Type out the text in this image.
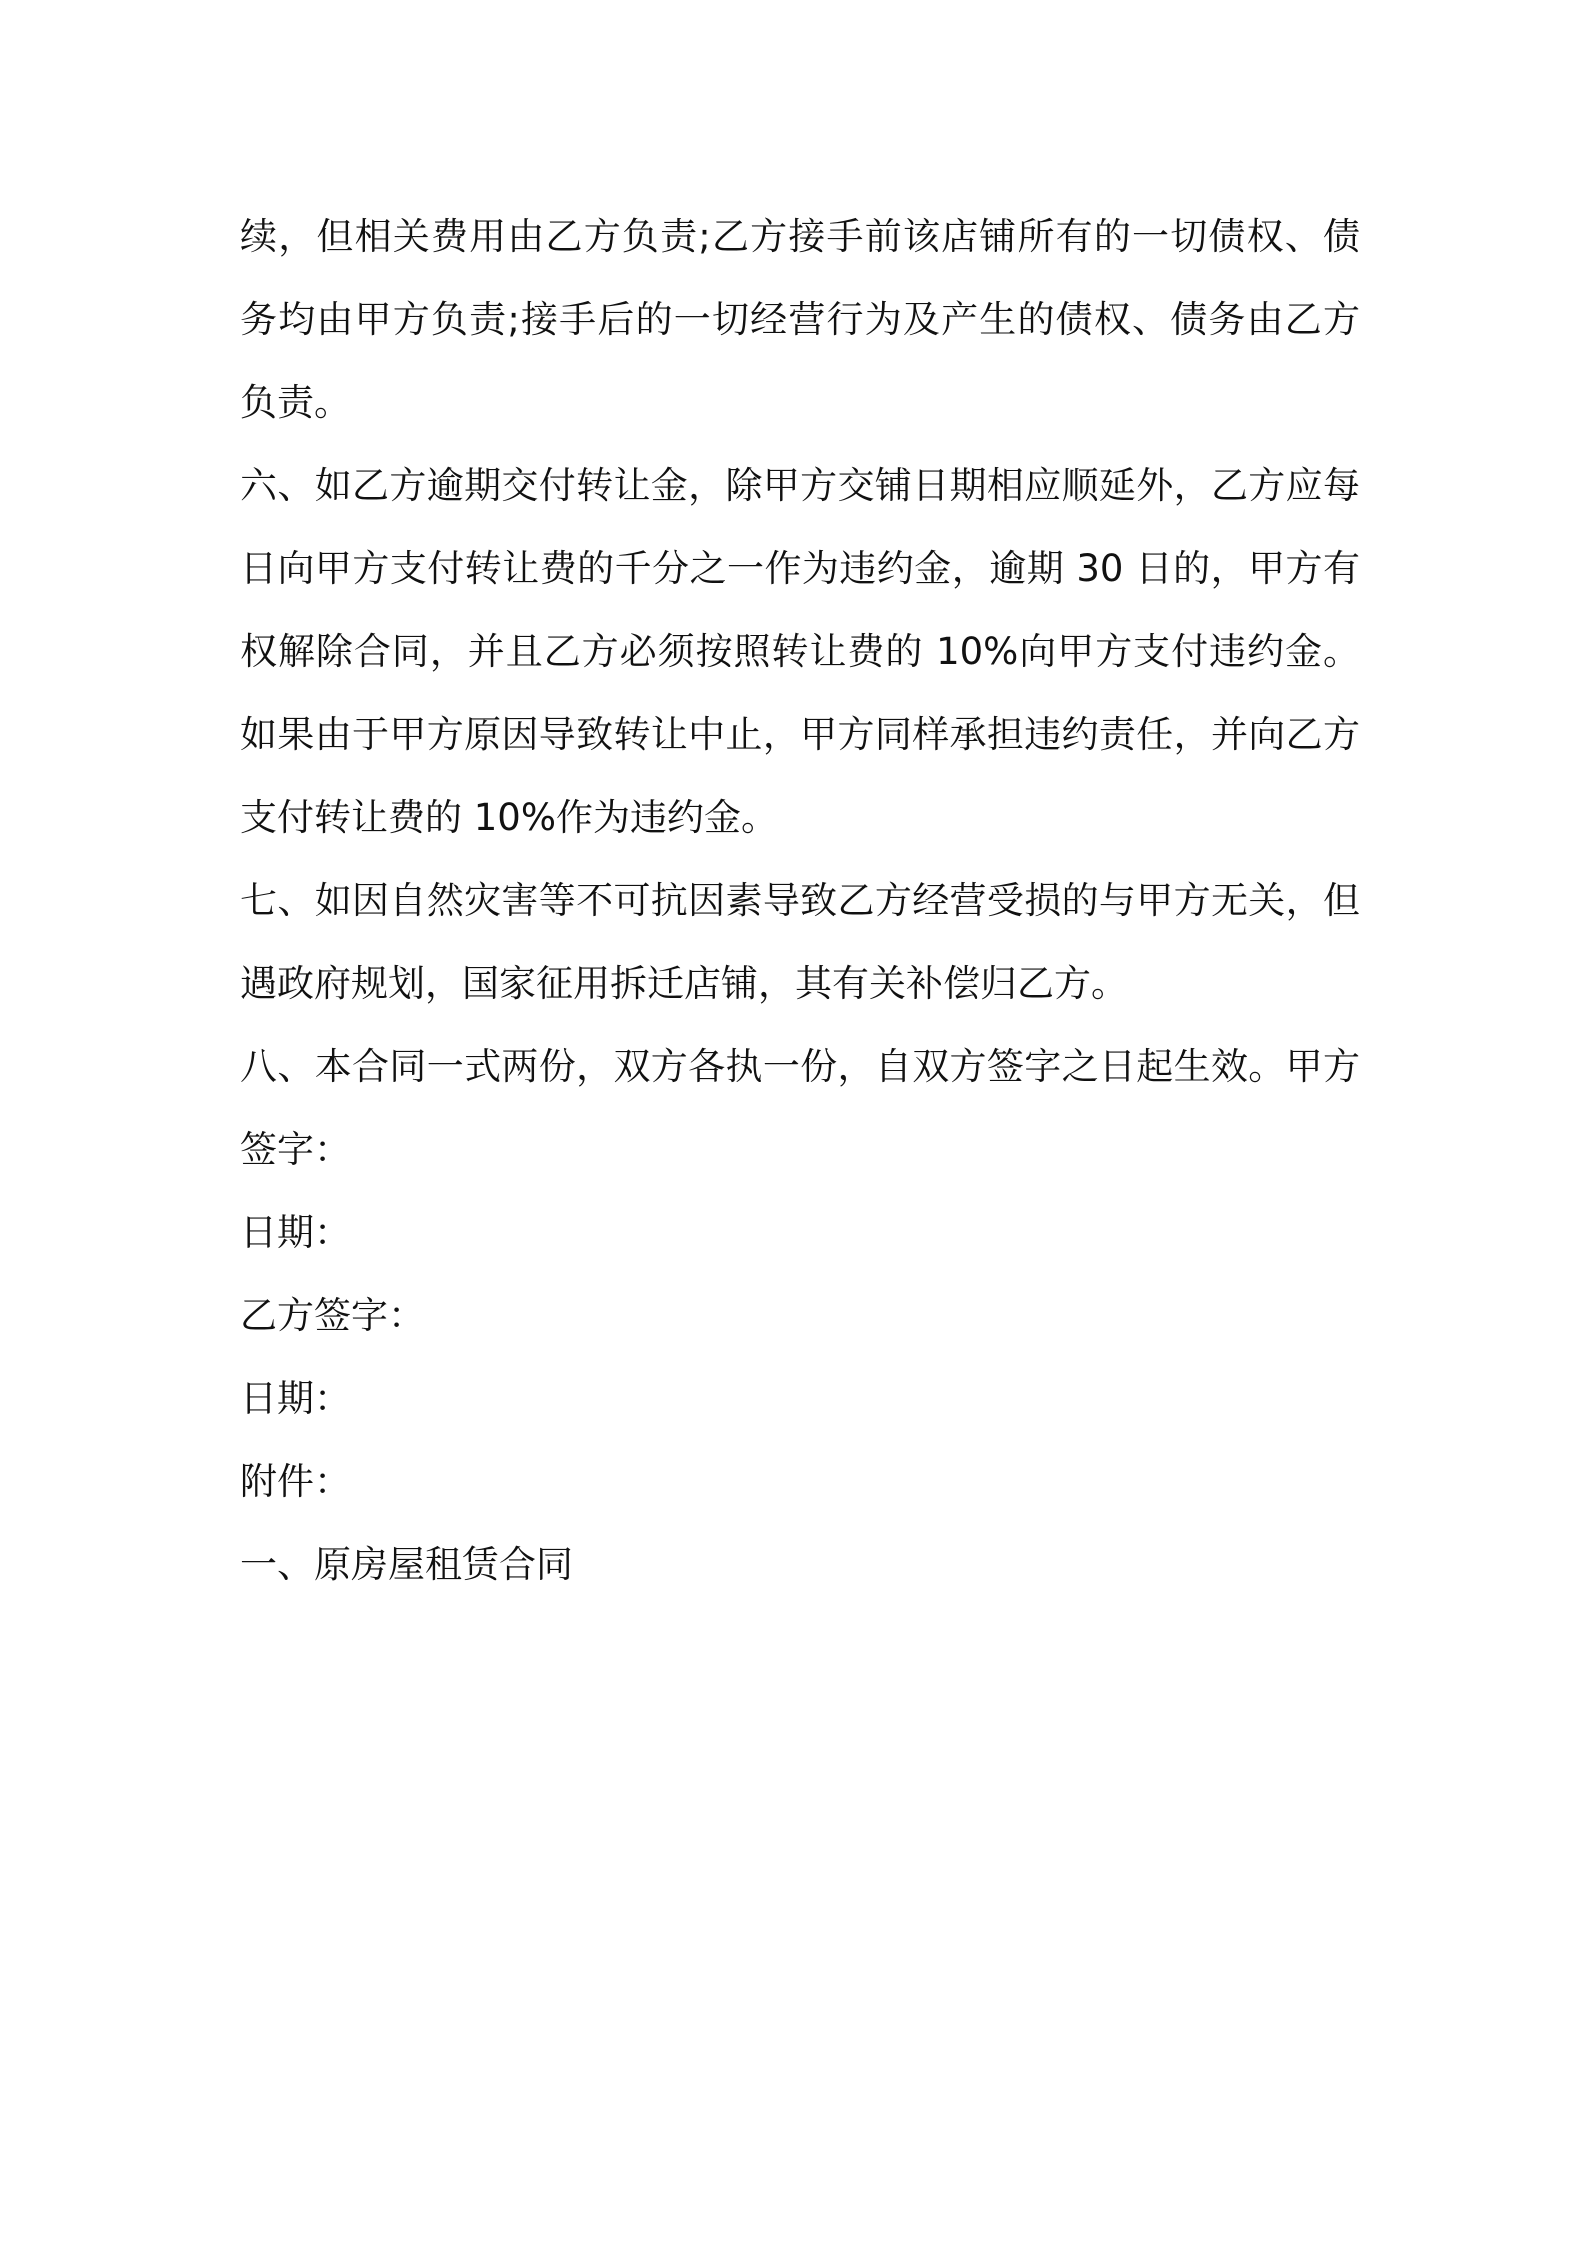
续，但相关费用由乙方负责;乙方接手前该店铺所有的一切债权、债务均由甲方负责;接手后的一切经营行为及产生的债权、债务由乙方负责。

六、如乙方逾期交付转让金，除甲方交铺日期相应顺延外，乙方应每日向甲方支付转让费的千分之一作为违约金，逾期 30 日的，甲方有权解除合同，并且乙方必须按照转让费的 10%向甲方支付违约金。如果由于甲方原因导致转让中止，甲方同样承担违约责任，并向乙方支付转让费的 10%作为违约金。

七、如因自然灾害等不可抗因素导致乙方经营受损的与甲方无关，但遇政府规划，国家征用拆迁店铺，其有关补偿归乙方。

八、本合同一式两份，双方各执一份，自双方签字之日起生效。甲方签字：

日期：

乙方签字：

日期：

附件：

一、原房屋租赁合同
